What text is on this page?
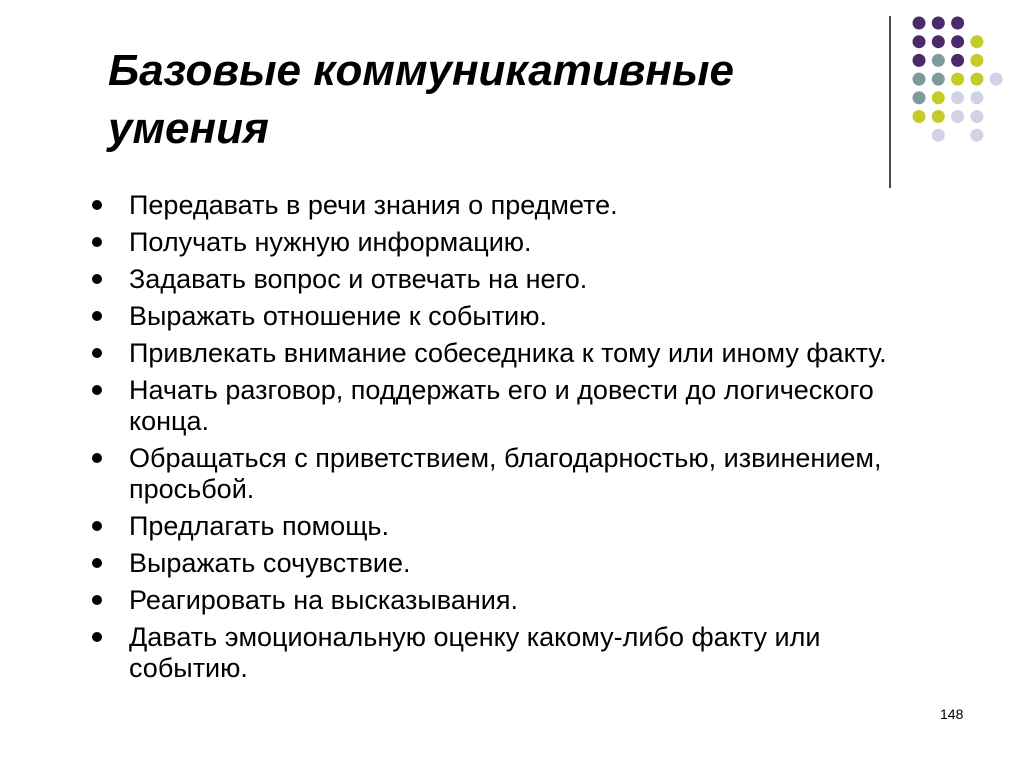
Базовые коммуникативные умения
Передавать в речи знания о предмете.
Получать нужную информацию.
Задавать вопрос и отвечать на него.
Выражать отношение к событию.
Привлекать внимание собеседника к тому или иному факту.
Начать разговор, поддержать его и довести до логического конца.
Обращаться с приветствием, благодарностью, извинением, просьбой.
Предлагать помощь.
Выражать сочувствие.
Реагировать на высказывания.
Давать эмоциональную оценку какому-либо факту или событию.
148
